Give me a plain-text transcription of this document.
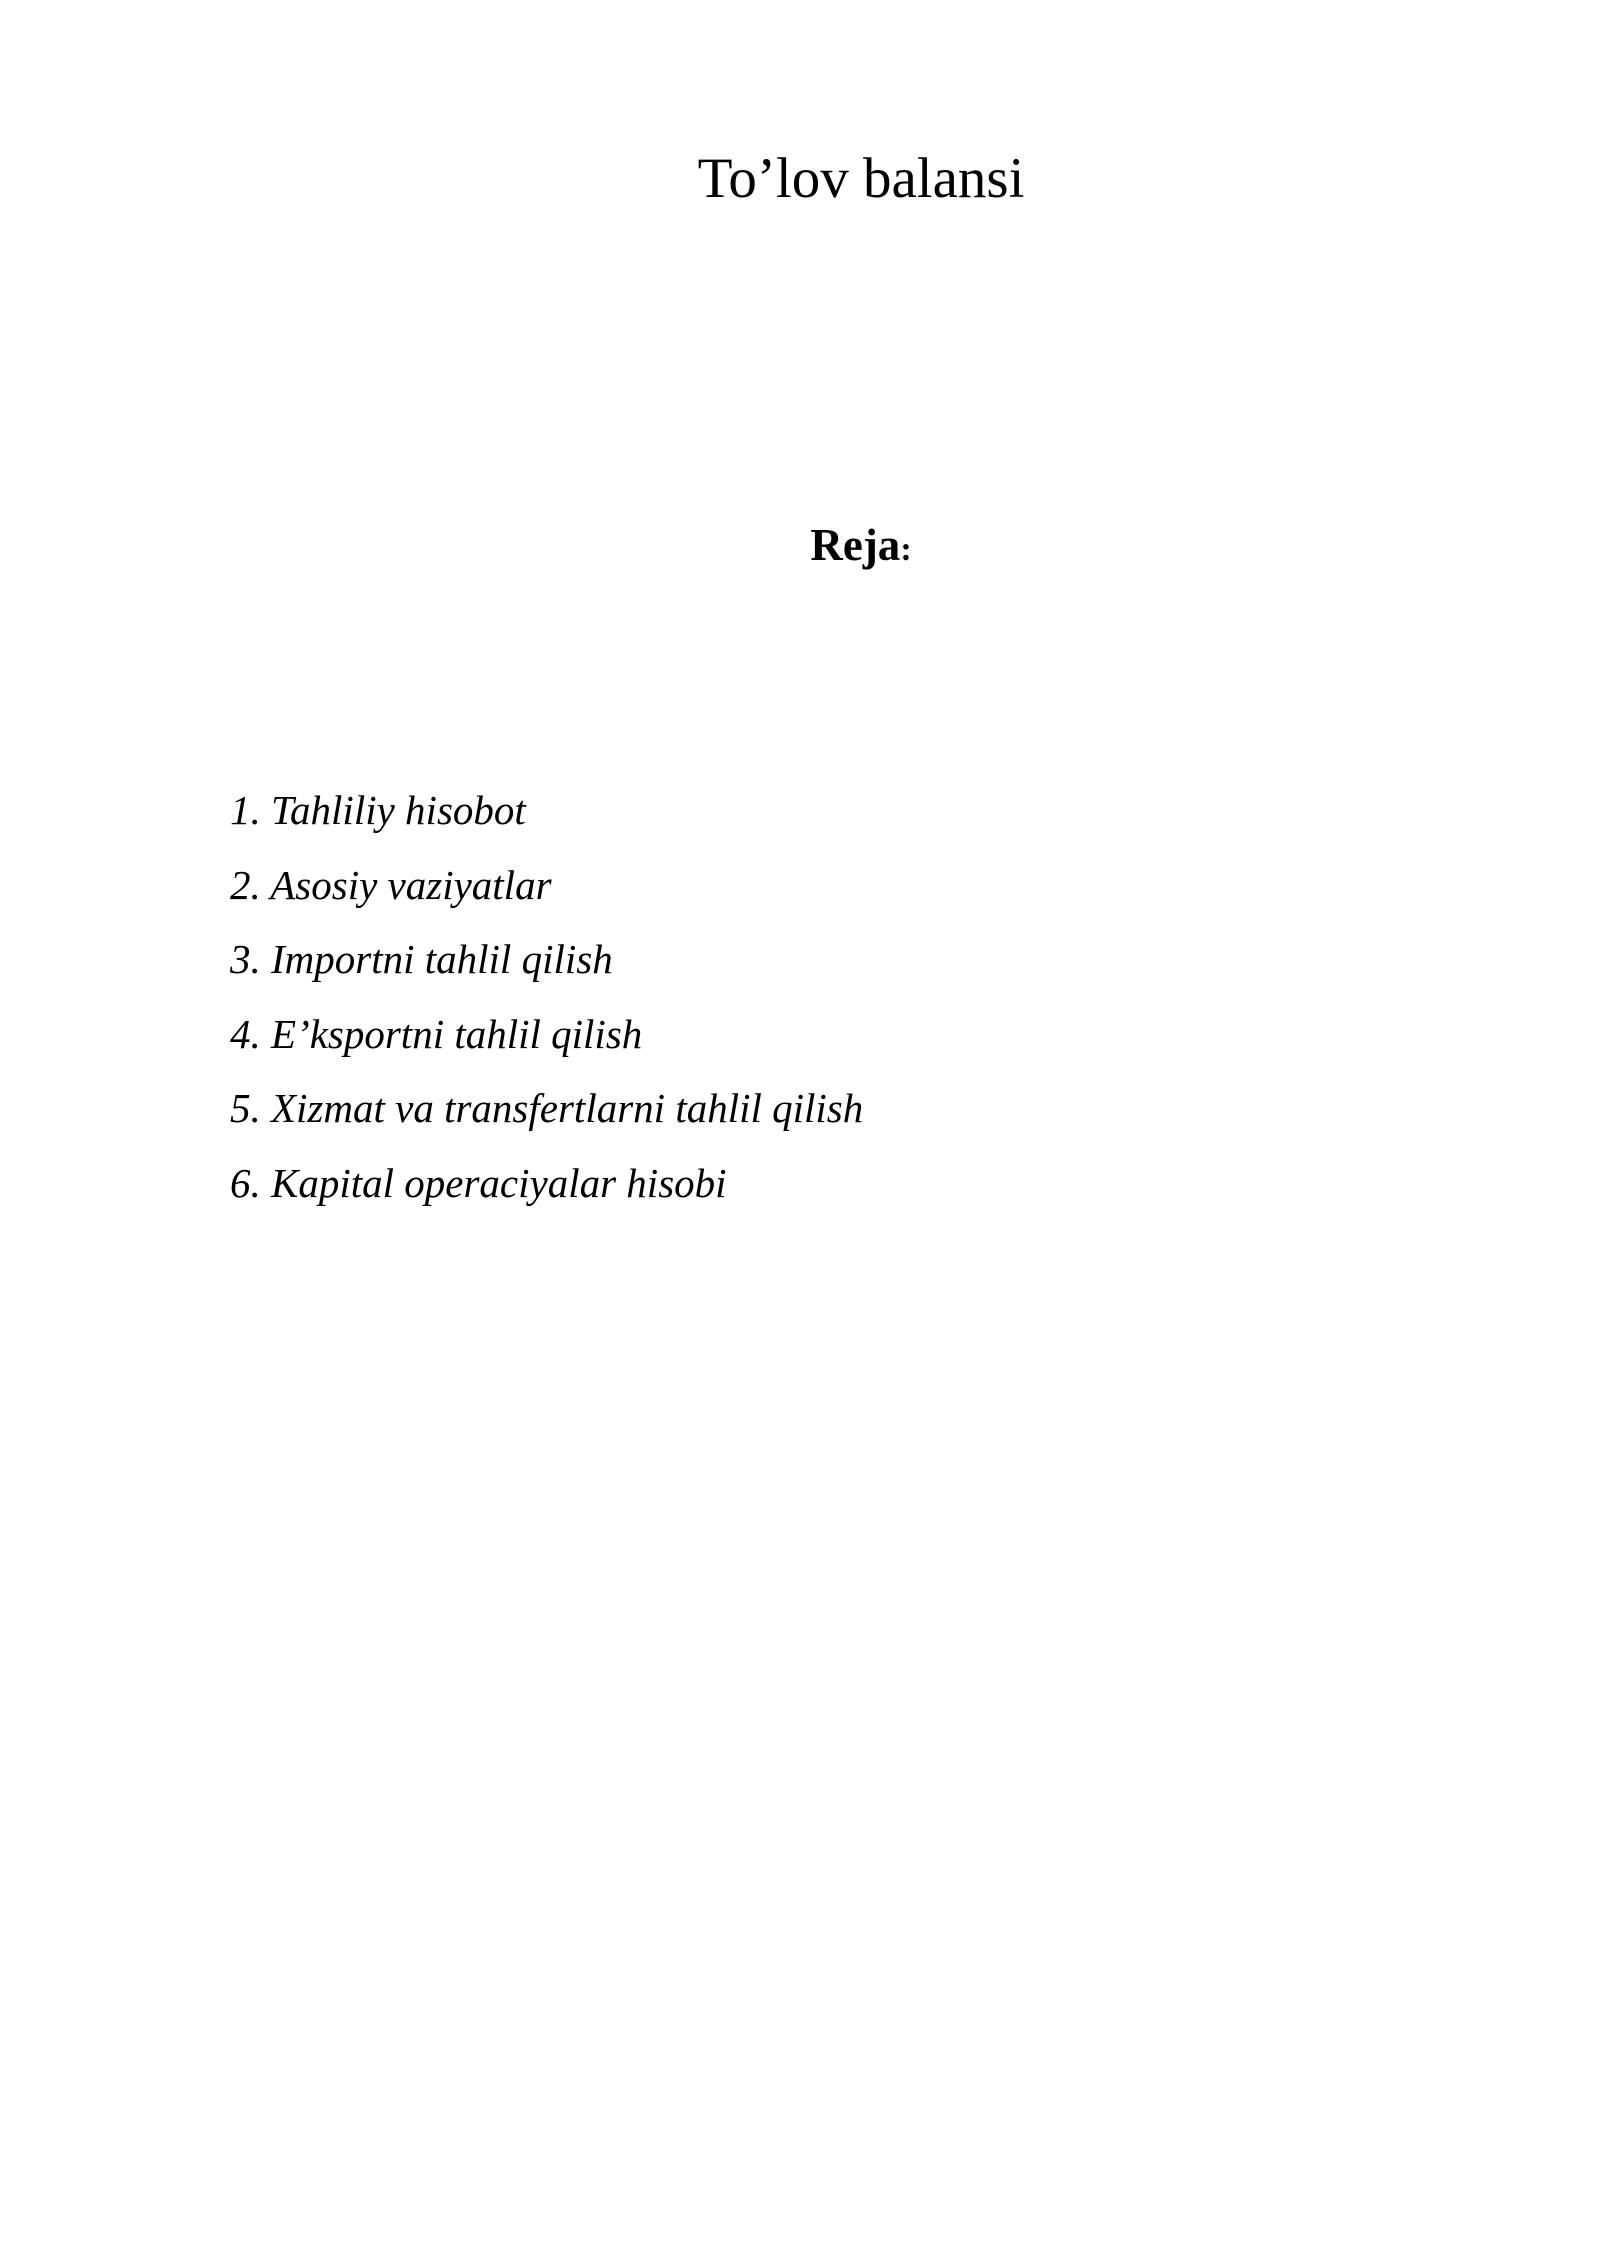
To’lov balansi
Reja:
1. Tahliliy hisobot
2. Asosiy vaziyatlar
3. Importni tahlil qilish
4. E’ksportni tahlil qilish
5. Xizmat va transfertlarni tahlil qilish
6. Kapital operaciyalar hisobi
